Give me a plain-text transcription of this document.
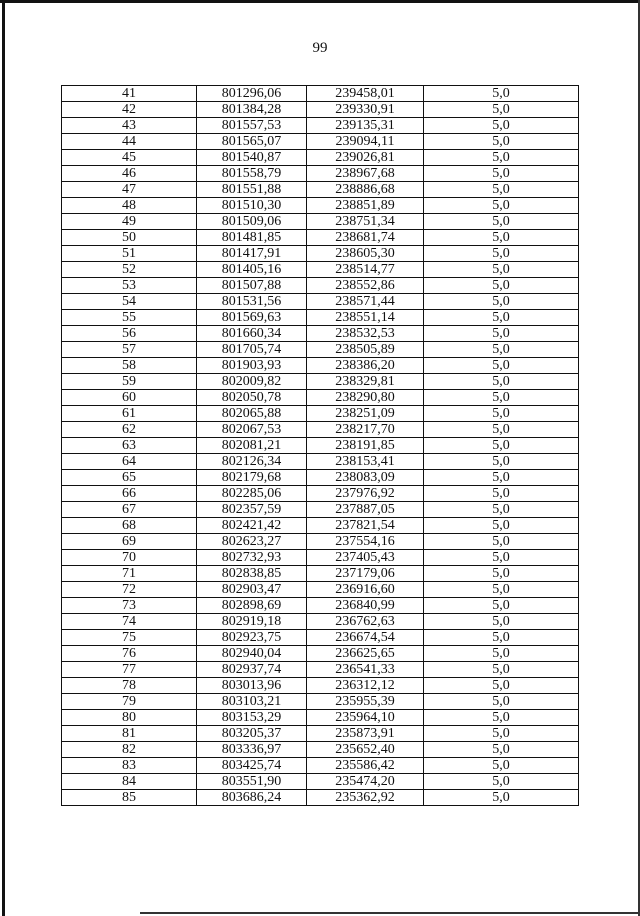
99
41	801296,06	239458,01	5,0
42	801384,28	239330,91	5,0
43	801557,53	239135,31	5,0
44	801565,07	239094,11	5,0
45	801540,87	239026,81	5,0
46	801558,79	238967,68	5,0
47	801551,88	238886,68	5,0
48	801510,30	238851,89	5,0
49	801509,06	238751,34	5,0
50	801481,85	238681,74	5,0
51	801417,91	238605,30	5,0
52	801405,16	238514,77	5,0
53	801507,88	238552,86	5,0
54	801531,56	238571,44	5,0
55	801569,63	238551,14	5,0
56	801660,34	238532,53	5,0
57	801705,74	238505,89	5,0
58	801903,93	238386,20	5,0
59	802009,82	238329,81	5,0
60	802050,78	238290,80	5,0
61	802065,88	238251,09	5,0
62	802067,53	238217,70	5,0
63	802081,21	238191,85	5,0
64	802126,34	238153,41	5,0
65	802179,68	238083,09	5,0
66	802285,06	237976,92	5,0
67	802357,59	237887,05	5,0
68	802421,42	237821,54	5,0
69	802623,27	237554,16	5,0
70	802732,93	237405,43	5,0
71	802838,85	237179,06	5,0
72	802903,47	236916,60	5,0
73	802898,69	236840,99	5,0
74	802919,18	236762,63	5,0
75	802923,75	236674,54	5,0
76	802940,04	236625,65	5,0
77	802937,74	236541,33	5,0
78	803013,96	236312,12	5,0
79	803103,21	235955,39	5,0
80	803153,29	235964,10	5,0
81	803205,37	235873,91	5,0
82	803336,97	235652,40	5,0
83	803425,74	235586,42	5,0
84	803551,90	235474,20	5,0
85	803686,24	235362,92	5,0
